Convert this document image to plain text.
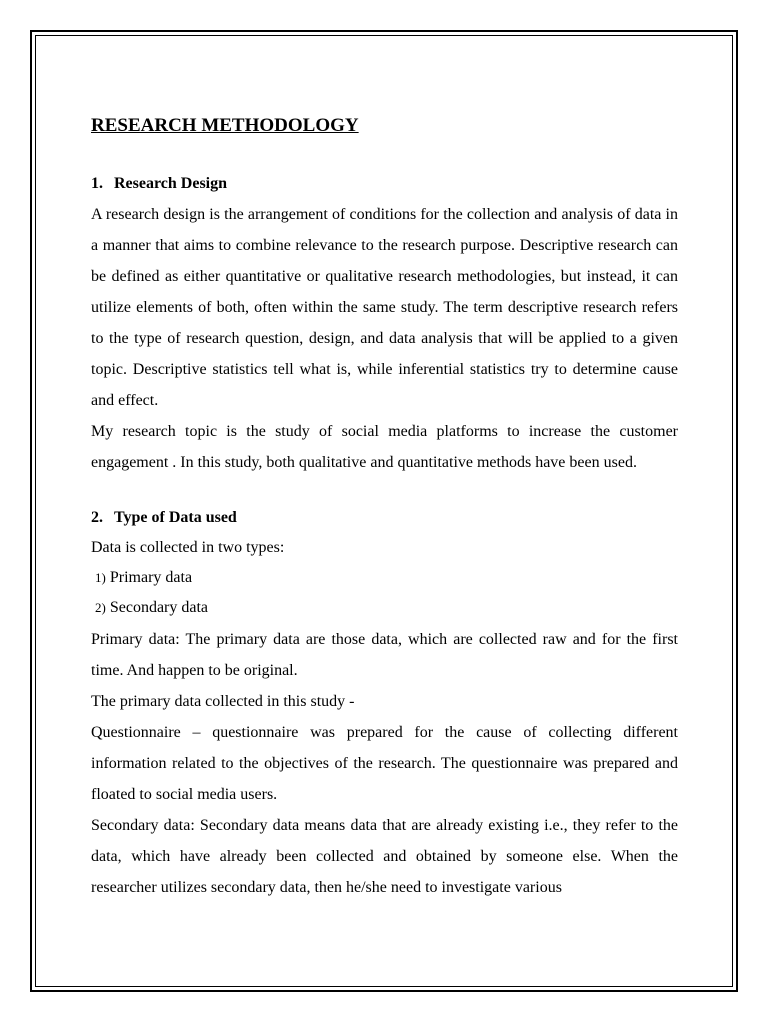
RESEARCH METHODOLOGY
1. Research Design

A research design is the arrangement of conditions for the collection and analysis of data in a manner that aims to combine relevance to the research purpose. Descriptive research can be defined as either quantitative or qualitative research methodologies, but instead, it can utilize elements of both, often within the same study. The term descriptive research refers to the type of research question, design, and data analysis that will be applied to a given topic. Descriptive statistics tell what is, while inferential statistics try to determine cause and effect.

My research topic is the study of social media platforms to increase the customer engagement . In this study, both qualitative and quantitative methods have been used.

2. Type of Data used

Data is collected in two types:

1) Primary data

2) Secondary data

Primary data: The primary data are those data, which are collected raw and for the first time. And happen to be original.

The primary data collected in this study -

Questionnaire – questionnaire was prepared for the cause of collecting different information related to the objectives of the research. The questionnaire was prepared and floated to social media users.

Secondary data: Secondary data means data that are already existing i.e., they refer to the data, which have already been collected and obtained by someone else. When the researcher utilizes secondary data, then he/she need to investigate various
